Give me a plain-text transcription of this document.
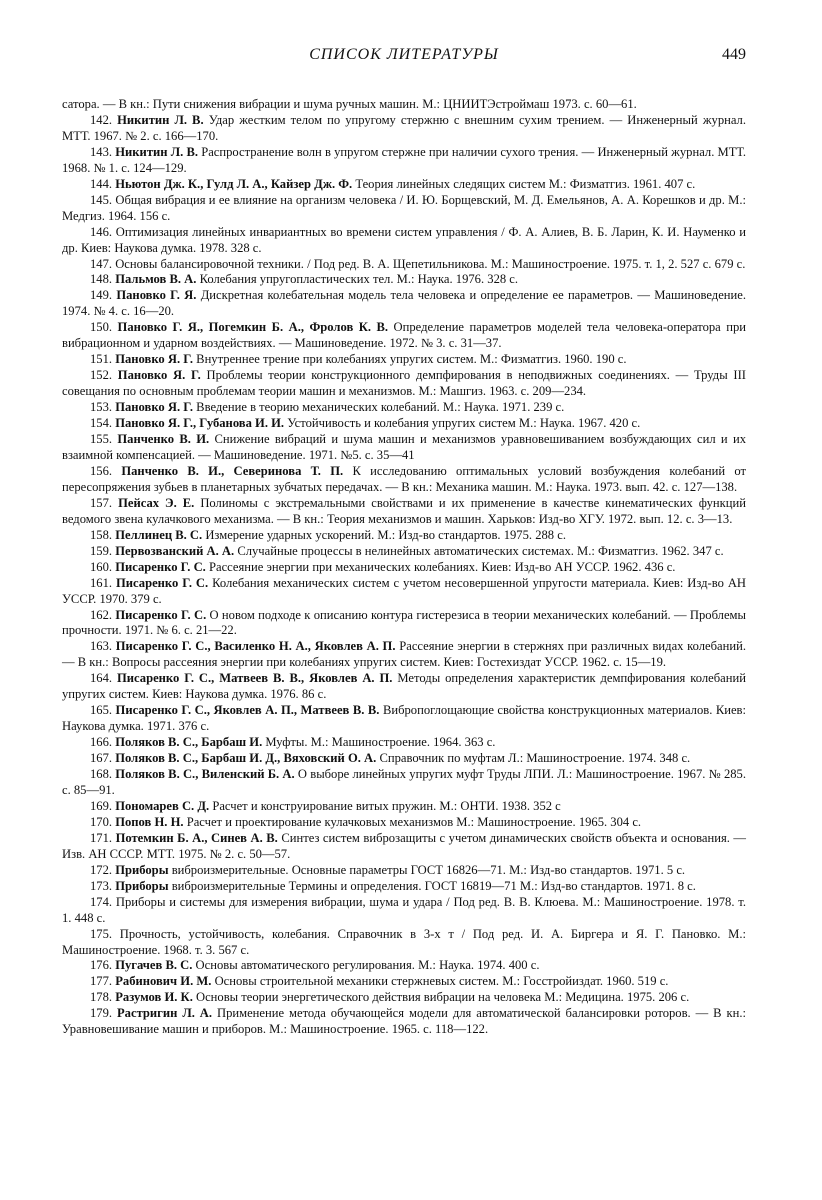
СПИСОК ЛИТЕРАТУРЫ	449

сатора. — В кн.: Пути снижения вибрации и шума ручных машин. М.: ЦНИИТЭстроймаш 1973. с. 60—61.

142. Никитин Л. В. Удар жестким телом по упругому стержню с внешним сухим трением. — Инженерный журнал. МТТ. 1967. № 2. с. 166—170.

143. Никитин Л. В. Распространение волн в упругом стержне при наличии сухого трения. — Инженерный журнал. МТТ. 1968. № 1. с. 124—129.

144. Ньютон Дж. К., Гулд Л. А., Кайзер Дж. Ф. Теория линейных следящих систем М.: Физматгиз. 1961. 407 с.

145. Общая вибрация и ее влияние на организм человека / И. Ю. Борщевский, М. Д. Емельянов, А. А. Корешков и др. М.: Медгиз. 1964. 156 с.

146. Оптимизация линейных инвариантных во времени систем управления / Ф. А. Алиев, В. Б. Ларин, К. И. Науменко и др. Киев: Наукова думка. 1978. 328 с.

147. Основы балансировочной техники. / Под ред. В. А. Щепетильникова. М.: Машиностроение. 1975. т. 1, 2. 527 с. 679 с.

148. Пальмов В. А. Колебания упругопластических тел. М.: Наука. 1976. 328 с.

149. Пановко Г. Я. Дискретная колебательная модель тела человека и определение ее параметров. — Машиноведение. 1974. № 4. с. 16—20.

150. Пановко Г. Я., Погемкин Б. А., Фролов К. В. Определение параметров моделей тела человека-оператора при вибрационном и ударном воздействиях. — Машиноведение. 1972. № 3. с. 31—37.

151. Пановко Я. Г. Внутреннее трение при колебаниях упругих систем. М.: Физматгиз. 1960. 190 с.

152. Пановко Я. Г. Проблемы теории конструкционного демпфирования в неподвижных соединениях. — Труды III совещания по основным проблемам теории машин и механизмов. М.: Машгиз. 1963. с. 209—234.

153. Пановко Я. Г. Введение в теорию механических колебаний. М.: Наука. 1971. 239 с.

154. Пановко Я. Г., Губанова И. И. Устойчивость и колебания упругих систем М.: Наука. 1967. 420 с.

155. Панченко В. И. Снижение вибраций и шума машин и механизмов уравновешиванием возбуждающих сил и их взаимной компенсацией. — Машиноведение. 1971. №5. с. 35—41

156. Панченко В. И., Северинова Т. П. К исследованию оптимальных условий возбуждения колебаний от пересопряжения зубьев в планетарных зубчатых передачах. — В кн.: Механика машин. М.: Наука. 1973. вып. 42. с. 127—138.

157. Пейсах Э. Е. Полиномы с экстремальными свойствами и их применение в качестве кинематических функций ведомого звена кулачкового механизма. — В кн.: Теория механизмов и машин. Харьков: Изд-во ХГУ. 1972. вып. 12. с. 3—13.

158. Пеллинец В. С. Измерение ударных ускорений. М.: Изд-во стандартов. 1975. 288 с.

159. Первозванский А. А. Случайные процессы в нелинейных автоматических системах. М.: Физматгиз. 1962. 347 с.

160. Писаренко Г. С. Рассеяние энергии при механических колебаниях. Киев: Изд-во АН УССР. 1962. 436 с.

161. Писаренко Г. С. Колебания механических систем с учетом несовершенной упругости материала. Киев: Изд-во АН УССР. 1970. 379 с.

162. Писаренко Г. С. О новом подходе к описанию контура гистерезиса в теории механических колебаний. — Проблемы прочности. 1971. № 6. с. 21—22.

163. Писаренко Г. С., Василенко Н. А., Яковлев А. П. Рассеяние энергии в стержнях при различных видах колебаний. — В кн.: Вопросы рассеяния энергии при колебаниях упругих систем. Киев: Гостехиздат УССР. 1962. с. 15—19.

164. Писаренко Г. С., Матвеев В. В., Яковлев А. П. Методы определения характеристик демпфирования колебаний упругих систем. Киев: Наукова думка. 1976. 86 с.

165. Писаренко Г. С., Яковлев А. П., Матвеев В. В. Вибропоглощающие свойства конструкционных материалов. Киев: Наукова думка. 1971. 376 с.

166. Поляков В. С., Барбаш И. Муфты. М.: Машиностроение. 1964. 363 с.

167. Поляков В. С., Барбаш И. Д., Вяховский О. А. Справочник по муфтам Л.: Машиностроение. 1974. 348 с.

168. Поляков В. С., Виленский Б. А. О выборе линейных упругих муфт Труды ЛПИ. Л.: Машиностроение. 1967. № 285. с. 85—91.

169. Пономарев С. Д. Расчет и конструирование витых пружин. М.: ОНТИ. 1938. 352 с

170. Попов Н. Н. Расчет и проектирование кулачковых механизмов М.: Машиностроение. 1965. 304 с.

171. Потемкин Б. А., Синев А. В. Синтез систем виброзащиты с учетом динамических свойств объекта и основания. — Изв. АН СССР. МТТ. 1975. № 2. с. 50—57.

172. Приборы виброизмерительные. Основные параметры ГОСТ 16826—71. М.: Изд-во стандартов. 1971. 5 с.

173. Приборы виброизмерительные Термины и определения. ГОСТ 16819—71 М.: Изд-во стандартов. 1971. 8 с.

174. Приборы и системы для измерения вибрации, шума и удара / Под ред. В. В. Клюева. М.: Машиностроение. 1978. т. 1. 448 с.

175. Прочность, устойчивость, колебания. Справочник в 3-х т / Под ред. И. А. Биргера и Я. Г. Пановко. М.: Машиностроение. 1968. т. 3. 567 с.

176. Пугачев В. С. Основы автоматического регулирования. М.: Наука. 1974. 400 с.

177. Рабинович И. М. Основы строительной механики стержневых систем. М.: Госстройиздат. 1960. 519 с.

178. Разумов И. К. Основы теории энергетического действия вибрации на человека М.: Медицина. 1975. 206 с.

179. Растригин Л. А. Применение метода обучающейся модели для автоматической балансировки роторов. — В кн.: Уравновешивание машин и приборов. М.: Машиностроение. 1965. с. 118—122.
